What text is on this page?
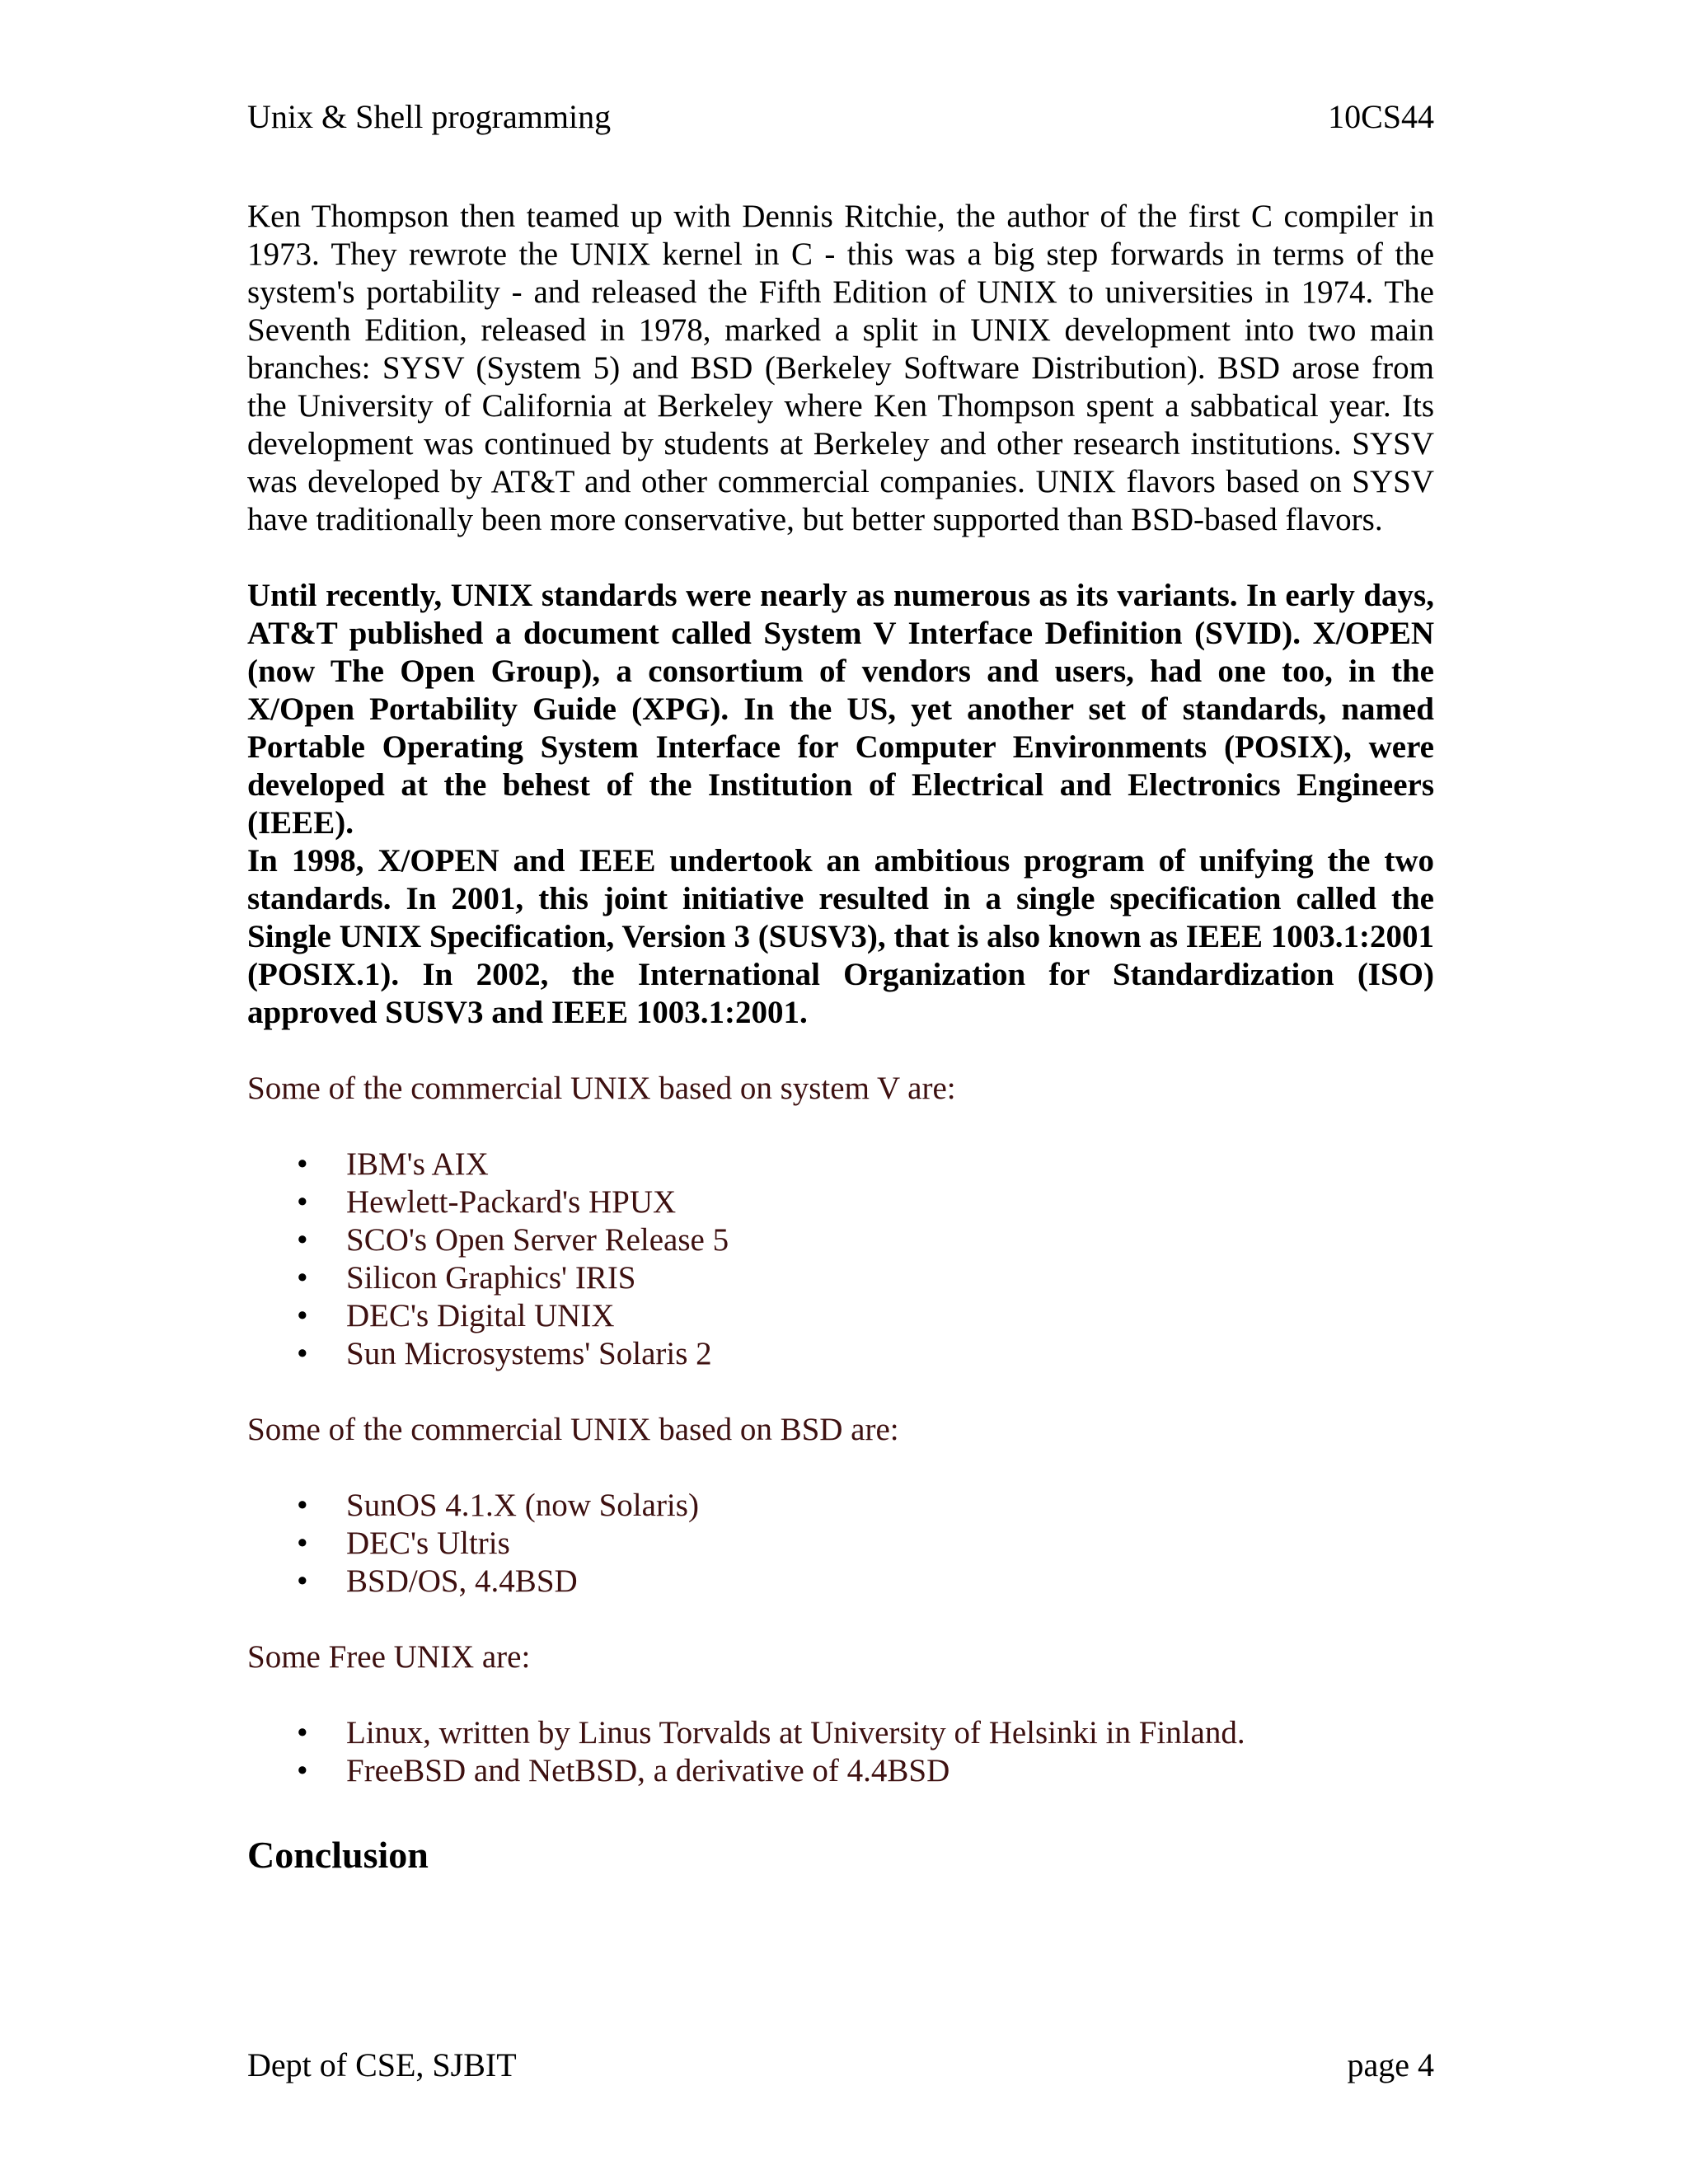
Unix & Shell programming	10CS44

Ken Thompson then teamed up with Dennis Ritchie, the author of the first C compiler in 1973. They rewrote the UNIX kernel in C - this was a big step forwards in terms of the system's portability - and released the Fifth Edition of UNIX to universities in 1974. The Seventh Edition, released in 1978, marked a split in UNIX development into two main branches: SYSV (System 5) and BSD (Berkeley Software Distribution). BSD arose from the University of California at Berkeley where Ken Thompson spent a sabbatical year. Its development was continued by students at Berkeley and other research institutions. SYSV was developed by AT&T and other commercial companies. UNIX flavors based on SYSV have traditionally been more conservative, but better supported than BSD-based flavors.

Until recently, UNIX standards were nearly as numerous as its variants. In early days, AT&T published a document called System V Interface Definition (SVID). X/OPEN (now The Open Group), a consortium of vendors and users, had one too, in the X/Open Portability Guide (XPG). In the US, yet another set of standards, named Portable Operating System Interface for Computer Environments (POSIX), were developed at the behest of the Institution of Electrical and Electronics Engineers (IEEE).

In 1998, X/OPEN and IEEE undertook an ambitious program of unifying the two standards. In 2001, this joint initiative resulted in a single specification called the Single UNIX Specification, Version 3 (SUSV3), that is also known as IEEE 1003.1:2001 (POSIX.1). In 2002, the International Organization for Standardization (ISO) approved SUSV3 and IEEE 1003.1:2001.

Some of the commercial UNIX based on system V are:

• IBM's AIX
• Hewlett-Packard's HPUX
• SCO's Open Server Release 5
• Silicon Graphics' IRIS
• DEC's Digital UNIX
• Sun Microsystems' Solaris 2

Some of the commercial UNIX based on BSD are:

• SunOS 4.1.X (now Solaris)
• DEC's Ultris
• BSD/OS, 4.4BSD

Some Free UNIX are:

• Linux, written by Linus Torvalds at University of Helsinki in Finland.
• FreeBSD and NetBSD, a derivative of 4.4BSD
Conclusion
Dept of CSE, SJBIT	page 4
